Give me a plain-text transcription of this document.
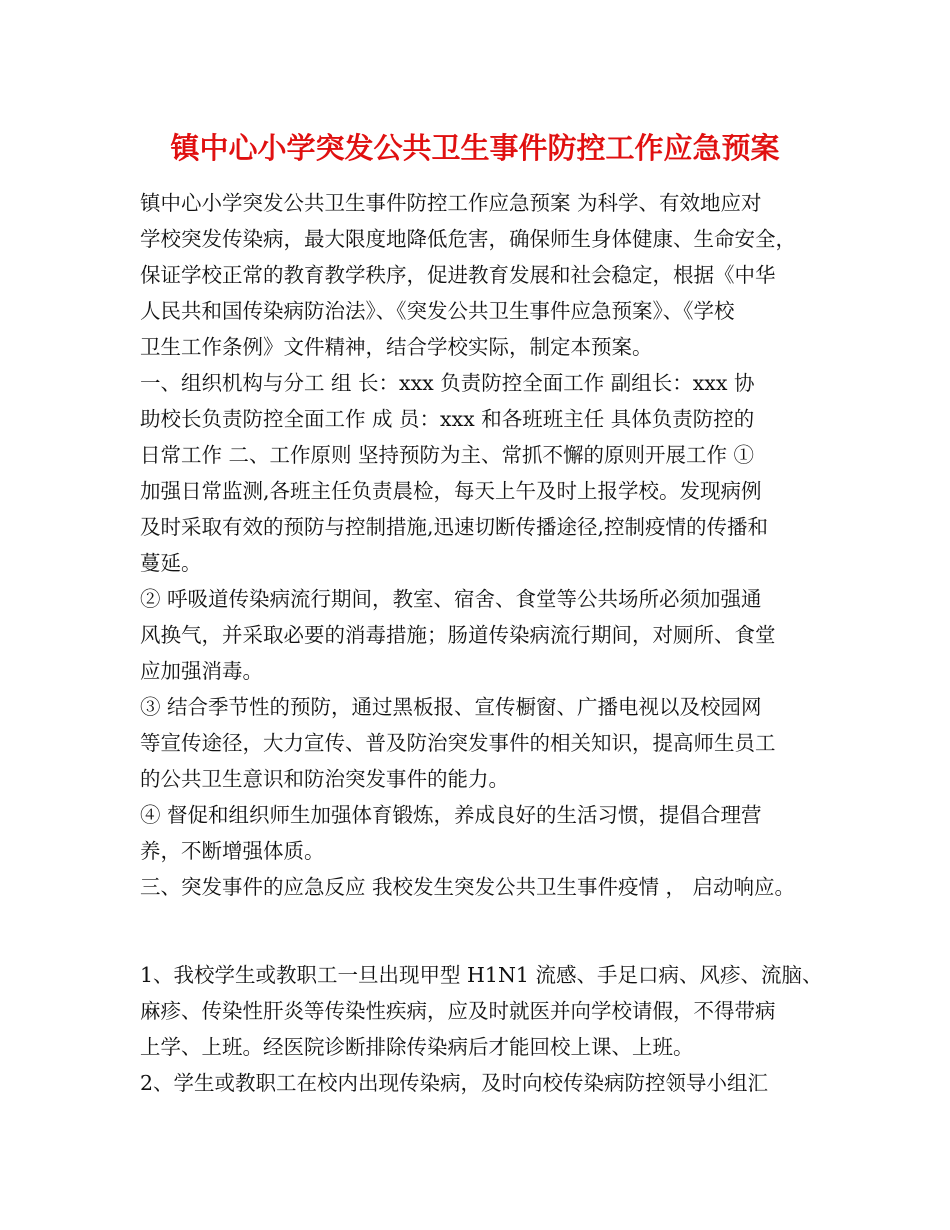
镇中心小学突发公共卫生事件防控工作应急预案
镇中心小学突发公共卫生事件防控工作应急预案 为科学、有效地应对
学校突发传染病，最大限度地降低危害，确保师生身体健康、生命安全，
保证学校正常的教育教学秩序，促进教育发展和社会稳定，根据《中华
人民共和国传染病防治法》、《突发公共卫生事件应急预案》、《学校
卫生工作条例》文件精神，结合学校实际，制定本预案。
一、组织机构与分工 组 长：xxx 负责防控全面工作 副组长：xxx 协
助校长负责防控全面工作 成 员：xxx 和各班班主任 具体负责防控的
日常工作 二、工作原则 坚持预防为主、常抓不懈的原则开展工作 ①
加强日常监测,各班主任负责晨检，每天上午及时上报学校。发现病例
及时采取有效的预防与控制措施,迅速切断传播途径,控制疫情的传播和
蔓延。
② 呼吸道传染病流行期间，教室、宿舍、食堂等公共场所必须加强通
风换气，并采取必要的消毒措施；肠道传染病流行期间，对厕所、食堂
应加强消毒。
③ 结合季节性的预防，通过黑板报、宣传橱窗、广播电视以及校园网
等宣传途径，大力宣传、普及防治突发事件的相关知识，提高师生员工
的公共卫生意识和防治突发事件的能力。
④ 督促和组织师生加强体育锻炼，养成良好的生活习惯，提倡合理营
养，不断增强体质。
三、突发事件的应急反应 我校发生突发公共卫生事件疫情 ， 启动响应。
1、我校学生或教职工一旦出现甲型 H1N1 流感、手足口病、风疹、流脑、
麻疹、传染性肝炎等传染性疾病，应及时就医并向学校请假，不得带病
上学、上班。经医院诊断排除传染病后才能回校上课、上班。
2、学生或教职工在校内出现传染病，及时向校传染病防控领导小组汇
